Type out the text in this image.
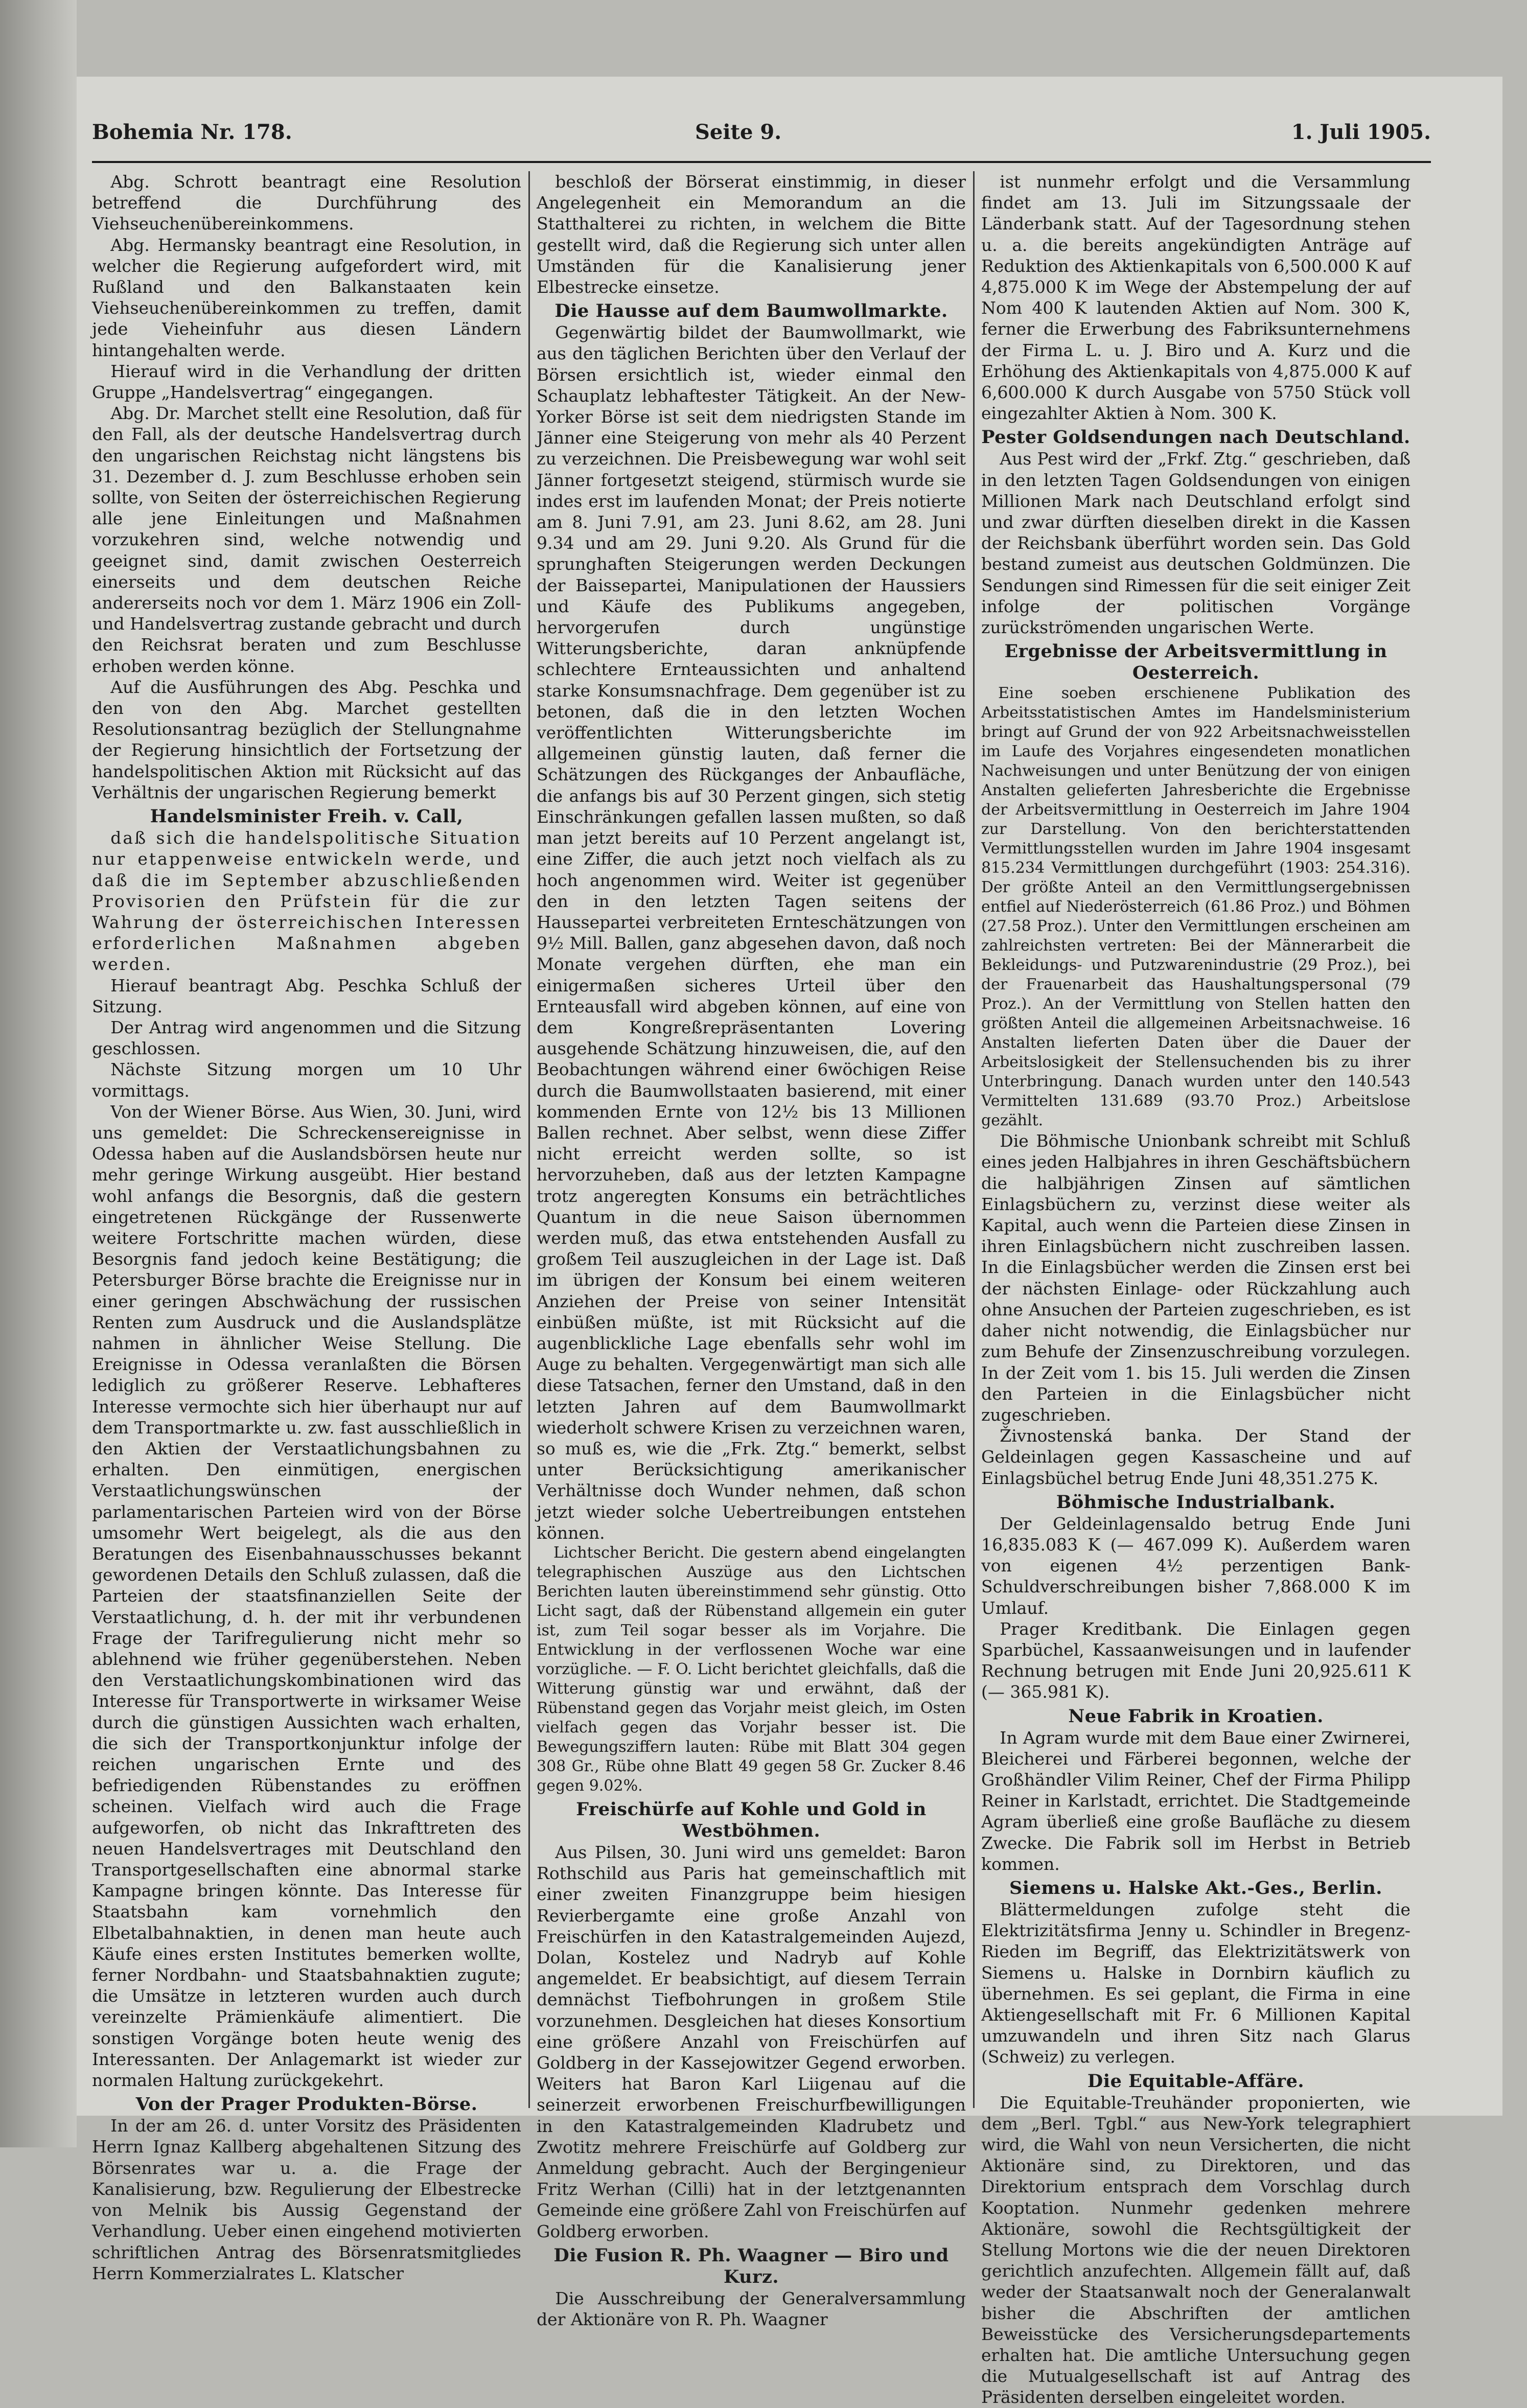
Bohemia Nr. 178.	Seite 9.	1. Juli 1905.

Abg. Schrott beantragt eine Resolution betreffend die Durchführung des Viehseuchenübereinkommens.

Abg. Hermansky beantragt eine Resolution, in welcher die Regierung aufgefordert wird, mit Rußland und den Balkanstaaten kein Viehseuchenübereinkommen zu treffen, damit jede Vieheinfuhr aus diesen Ländern hintangehalten werde.

Hierauf wird in die Verhandlung der dritten Gruppe „Handelsvertrag“ eingegangen.

Abg. Dr. Marchet stellt eine Resolution, daß für den Fall, als der deutsche Handelsvertrag durch den ungarischen Reichstag nicht längstens bis 31. Dezember d. J. zum Beschlusse erhoben sein sollte, von Seiten der österreichischen Regierung alle jene Einleitungen und Maßnahmen vorzukehren sind, welche notwendig und geeignet sind, damit zwischen Oesterreich einerseits und dem deutschen Reiche andererseits noch vor dem 1. März 1906 ein Zoll- und Handelsvertrag zustande gebracht und durch den Reichsrat beraten und zum Beschlusse erhoben werden könne.

Auf die Ausführungen des Abg. Peschka und den von den Abg. Marchet gestellten Resolutionsantrag bezüglich der Stellungnahme der Regierung hinsichtlich der Fortsetzung der handelspolitischen Aktion mit Rücksicht auf das Verhältnis der ungarischen Regierung bemerkt

Handelsminister Freih. v. Call,

daß sich die handelspolitische Situation nur etappenweise entwickeln werde, und daß die im September abzuschließenden Provisorien den Prüfstein für die zur Wahrung der österreichischen Interessen erforderlichen Maßnahmen abgeben werden.

Hierauf beantragt Abg. Peschka Schluß der Sitzung.

Der Antrag wird angenommen und die Sitzung geschlossen.

Nächste Sitzung morgen um 10 Uhr vormittags.

Von der Wiener Börse. Aus Wien, 30. Juni, wird uns gemeldet: Die Schreckensereignisse in Odessa haben auf die Auslandsbörsen heute nur mehr geringe Wirkung ausgeübt. Hier bestand wohl anfangs die Besorgnis, daß die gestern eingetretenen Rückgänge der Russenwerte weitere Fortschritte machen würden, diese Besorgnis fand jedoch keine Bestätigung; die Petersburger Börse brachte die Ereignisse nur in einer geringen Abschwächung der russischen Renten zum Ausdruck und die Auslandsplätze nahmen in ähnlicher Weise Stellung. Die Ereignisse in Odessa veranlaßten die Börsen lediglich zu größerer Reserve. Lebhafteres Interesse vermochte sich hier überhaupt nur auf dem Transportmarkte u. zw. fast ausschließlich in den Aktien der Verstaatlichungsbahnen zu erhalten. Den einmütigen, energischen Verstaatlichungswünschen der parlamentarischen Parteien wird von der Börse umsomehr Wert beigelegt, als die aus den Beratungen des Eisenbahnausschusses bekannt gewordenen Details den Schluß zulassen, daß die Parteien der staatsfinanziellen Seite der Verstaatlichung, d. h. der mit ihr verbundenen Frage der Tarifregulierung nicht mehr so ablehnend wie früher gegenüberstehen. Neben den Verstaatlichungskombinationen wird das Interesse für Transportwerte in wirksamer Weise durch die günstigen Aussichten wach erhalten, die sich der Transportkonjunktur infolge der reichen ungarischen Ernte und des befriedigenden Rübenstandes zu eröffnen scheinen. Vielfach wird auch die Frage aufgeworfen, ob nicht das Inkrafttreten des neuen Handelsvertrages mit Deutschland den Transportgesellschaften eine abnormal starke Kampagne bringen könnte. Das Interesse für Staatsbahn kam vornehmlich den Elbetalbahnaktien, in denen man heute auch Käufe eines ersten Institutes bemerken wollte, ferner Nordbahn- und Staatsbahnaktien zugute; die Umsätze in letzteren wurden auch durch vereinzelte Prämienkäufe alimentiert. Die sonstigen Vorgänge boten heute wenig des Interessanten. Der Anlagemarkt ist wieder zur normalen Haltung zurückgekehrt.

Von der Prager Produkten-Börse.

In der am 26. d. unter Vorsitz des Präsidenten Herrn Ignaz Kallberg abgehaltenen Sitzung des Börsenrates war u. a. die Frage der Kanalisierung, bzw. Regulierung der Elbestrecke von Melnik bis Aussig Gegenstand der Verhandlung. Ueber einen eingehend motivierten schriftlichen Antrag des Börsenratsmitgliedes Herrn Kommerzialrates L. Klatscher

beschloß der Börserat einstimmig, in dieser Angelegenheit ein Memorandum an die Statthalterei zu richten, in welchem die Bitte gestellt wird, daß die Regierung sich unter allen Umständen für die Kanalisierung jener Elbestrecke einsetze.

Die Hausse auf dem Baumwollmarkte.

Gegenwärtig bildet der Baumwollmarkt, wie aus den täglichen Berichten über den Verlauf der Börsen ersichtlich ist, wieder einmal den Schauplatz lebhaftester Tätigkeit. An der New-Yorker Börse ist seit dem niedrigsten Stande im Jänner eine Steigerung von mehr als 40 Perzent zu verzeichnen. Die Preisbewegung war wohl seit Jänner fortgesetzt steigend, stürmisch wurde sie indes erst im laufenden Monat; der Preis notierte am 8. Juni 7.91, am 23. Juni 8.62, am 28. Juni 9.34 und am 29. Juni 9.20. Als Grund für die sprunghaften Steigerungen werden Deckungen der Baissepartei, Manipulationen der Haussiers und Käufe des Publikums angegeben, hervorgerufen durch ungünstige Witterungsberichte, daran anknüpfende schlechtere Ernteaussichten und anhaltend starke Konsumsnachfrage. Dem gegenüber ist zu betonen, daß die in den letzten Wochen veröffentlichten Witterungsberichte im allgemeinen günstig lauten, daß ferner die Schätzungen des Rückganges der Anbaufläche, die anfangs bis auf 30 Perzent gingen, sich stetig Einschränkungen gefallen lassen mußten, so daß man jetzt bereits auf 10 Perzent angelangt ist, eine Ziffer, die auch jetzt noch vielfach als zu hoch angenommen wird. Weiter ist gegenüber den in den letzten Tagen seitens der Haussepartei verbreiteten Ernteschätzungen von 9½ Mill. Ballen, ganz abgesehen davon, daß noch Monate vergehen dürften, ehe man ein einigermaßen sicheres Urteil über den Ernteausfall wird abgeben können, auf eine von dem Kongreßrepräsentanten Lovering ausgehende Schätzung hinzuweisen, die, auf den Beobachtungen während einer 6wöchigen Reise durch die Baumwollstaaten basierend, mit einer kommenden Ernte von 12½ bis 13 Millionen Ballen rechnet. Aber selbst, wenn diese Ziffer nicht erreicht werden sollte, so ist hervorzuheben, daß aus der letzten Kampagne trotz angeregten Konsums ein beträchtliches Quantum in die neue Saison übernommen werden muß, das etwa entstehenden Ausfall zu großem Teil auszugleichen in der Lage ist. Daß im übrigen der Konsum bei einem weiteren Anziehen der Preise von seiner Intensität einbüßen müßte, ist mit Rücksicht auf die augenblickliche Lage ebenfalls sehr wohl im Auge zu behalten. Vergegenwärtigt man sich alle diese Tatsachen, ferner den Umstand, daß in den letzten Jahren auf dem Baumwollmarkt wiederholt schwere Krisen zu verzeichnen waren, so muß es, wie die „Frk. Ztg.“ bemerkt, selbst unter Berücksichtigung amerikanischer Verhältnisse doch Wunder nehmen, daß schon jetzt wieder solche Uebertreibungen entstehen können.

Lichtscher Bericht. Die gestern abend eingelangten telegraphischen Auszüge aus den Lichtschen Berichten lauten übereinstimmend sehr günstig. Otto Licht sagt, daß der Rübenstand allgemein ein guter ist, zum Teil sogar besser als im Vorjahre. Die Entwicklung in der verflossenen Woche war eine vorzügliche. — F. O. Licht berichtet gleichfalls, daß die Witterung günstig war und erwähnt, daß der Rübenstand gegen das Vorjahr meist gleich, im Osten vielfach gegen das Vorjahr besser ist. Die Bewegungsziffern lauten: Rübe mit Blatt 304 gegen 308 Gr., Rübe ohne Blatt 49 gegen 58 Gr. Zucker 8.46 gegen 9.02%.

Freischürfe auf Kohle und Gold in Westböhmen.

Aus Pilsen, 30. Juni wird uns gemeldet: Baron Rothschild aus Paris hat gemeinschaftlich mit einer zweiten Finanzgruppe beim hiesigen Revierbergamte eine große Anzahl von Freischürfen in den Katastralgemeinden Aujezd, Dolan, Kostelez und Nadryb auf Kohle angemeldet. Er beabsichtigt, auf diesem Terrain demnächst Tiefbohrungen in großem Stile vorzunehmen. Desgleichen hat dieses Konsortium eine größere Anzahl von Freischürfen auf Goldberg in der Kassejowitzer Gegend erworben. Weiters hat Baron Karl Liigenau auf die seinerzeit erworbenen Freischurfbewilligungen in den Katastralgemeinden Kladrubetz und Zwotitz mehrere Freischürfe auf Goldberg zur Anmeldung gebracht. Auch der Bergingenieur Fritz Werhan (Cilli) hat in der letztgenannten Gemeinde eine größere Zahl von Freischürfen auf Goldberg erworben.

Die Fusion R. Ph. Waagner — Biro und Kurz.

Die Ausschreibung der Generalversammlung der Aktionäre von R. Ph. Waagner

ist nunmehr erfolgt und die Versammlung findet am 13. Juli im Sitzungssaale der Länderbank statt. Auf der Tagesordnung stehen u. a. die bereits angekündigten Anträge auf Reduktion des Aktienkapitals von 6,500.000 K auf 4,875.000 K im Wege der Abstempelung der auf Nom 400 K lautenden Aktien auf Nom. 300 K, ferner die Erwerbung des Fabriksunternehmens der Firma L. u. J. Biro und A. Kurz und die Erhöhung des Aktienkapitals von 4,875.000 K auf 6,600.000 K durch Ausgabe von 5750 Stück voll eingezahlter Aktien à Nom. 300 K.

Pester Goldsendungen nach Deutschland.

Aus Pest wird der „Frkf. Ztg.“ geschrieben, daß in den letzten Tagen Goldsendungen von einigen Millionen Mark nach Deutschland erfolgt sind und zwar dürften dieselben direkt in die Kassen der Reichsbank überführt worden sein. Das Gold bestand zumeist aus deutschen Goldmünzen. Die Sendungen sind Rimessen für die seit einiger Zeit infolge der politischen Vorgänge zurückströmenden ungarischen Werte.

Ergebnisse der Arbeitsvermittlung in Oesterreich.

Eine soeben erschienene Publikation des Arbeitsstatistischen Amtes im Handelsministerium bringt auf Grund der von 922 Arbeitsnachweisstellen im Laufe des Vorjahres eingesendeten monatlichen Nachweisungen und unter Benützung der von einigen Anstalten gelieferten Jahresberichte die Ergebnisse der Arbeitsvermittlung in Oesterreich im Jahre 1904 zur Darstellung. Von den berichterstattenden Vermittlungsstellen wurden im Jahre 1904 insgesamt 815.234 Vermittlungen durchgeführt (1903: 254.316). Der größte Anteil an den Vermittlungsergebnissen entfiel auf Niederösterreich (61.86 Proz.) und Böhmen (27.58 Proz.). Unter den Vermittlungen erscheinen am zahlreichsten vertreten: Bei der Männerarbeit die Bekleidungs- und Putzwarenindustrie (29 Proz.), bei der Frauenarbeit das Haushaltungspersonal (79 Proz.). An der Vermittlung von Stellen hatten den größten Anteil die allgemeinen Arbeitsnachweise. 16 Anstalten lieferten Daten über die Dauer der Arbeitslosigkeit der Stellensuchenden bis zu ihrer Unterbringung. Danach wurden unter den 140.543 Vermittelten 131.689 (93.70 Proz.) Arbeitslose gezählt.

Die Böhmische Unionbank schreibt mit Schluß eines jeden Halbjahres in ihren Geschäftsbüchern die halbjährigen Zinsen auf sämtlichen Einlagsbüchern zu, verzinst diese weiter als Kapital, auch wenn die Parteien diese Zinsen in ihren Einlagsbüchern nicht zuschreiben lassen. In die Einlagsbücher werden die Zinsen erst bei der nächsten Einlage- oder Rückzahlung auch ohne Ansuchen der Parteien zugeschrieben, es ist daher nicht notwendig, die Einlagsbücher nur zum Behufe der Zinsenzuschreibung vorzulegen. In der Zeit vom 1. bis 15. Juli werden die Zinsen den Parteien in die Einlagsbücher nicht zugeschrieben.

Živnostenská banka. Der Stand der Geldeinlagen gegen Kassascheine und auf Einlagsbüchel betrug Ende Juni 48,351.275 K.

Böhmische Industrialbank.

Der Geldeinlagensaldo betrug Ende Juni 16,835.083 K (— 467.099 K). Außerdem waren von eigenen 4½ perzentigen Bank-Schuldverschreibungen bisher 7,868.000 K im Umlauf.

Prager Kreditbank. Die Einlagen gegen Sparbüchel, Kassaanweisungen und in laufender Rechnung betrugen mit Ende Juni 20,925.611 K (— 365.981 K).

Neue Fabrik in Kroatien.

In Agram wurde mit dem Baue einer Zwirnerei, Bleicherei und Färberei begonnen, welche der Großhändler Vilim Reiner, Chef der Firma Philipp Reiner in Karlstadt, errichtet. Die Stadtgemeinde Agram überließ eine große Baufläche zu diesem Zwecke. Die Fabrik soll im Herbst in Betrieb kommen.

Siemens u. Halske Akt.-Ges., Berlin.

Blättermeldungen zufolge steht die Elektrizitätsfirma Jenny u. Schindler in Bregenz-Rieden im Begriff, das Elektrizitätswerk von Siemens u. Halske in Dornbirn käuflich zu übernehmen. Es sei geplant, die Firma in eine Aktiengesellschaft mit Fr. 6 Millionen Kapital umzuwandeln und ihren Sitz nach Glarus (Schweiz) zu verlegen.

Die Equitable-Affäre.

Die Equitable-Treuhänder proponierten, wie dem „Berl. Tgbl.“ aus New-York telegraphiert wird, die Wahl von neun Versicherten, die nicht Aktionäre sind, zu Direktoren, und das Direktorium entsprach dem Vorschlag durch Kooptation. Nunmehr gedenken mehrere Aktionäre, sowohl die Rechtsgültigkeit der Stellung Mortons wie die der neuen Direktoren gerichtlich anzufechten. Allgemein fällt auf, daß weder der Staatsanwalt noch der Generalanwalt bisher die Abschriften der amtlichen Beweisstücke des Versicherungsdepartements erhalten hat. Die amtliche Untersuchung gegen die Mutualgesellschaft ist auf Antrag des Präsidenten derselben eingeleitet worden.
